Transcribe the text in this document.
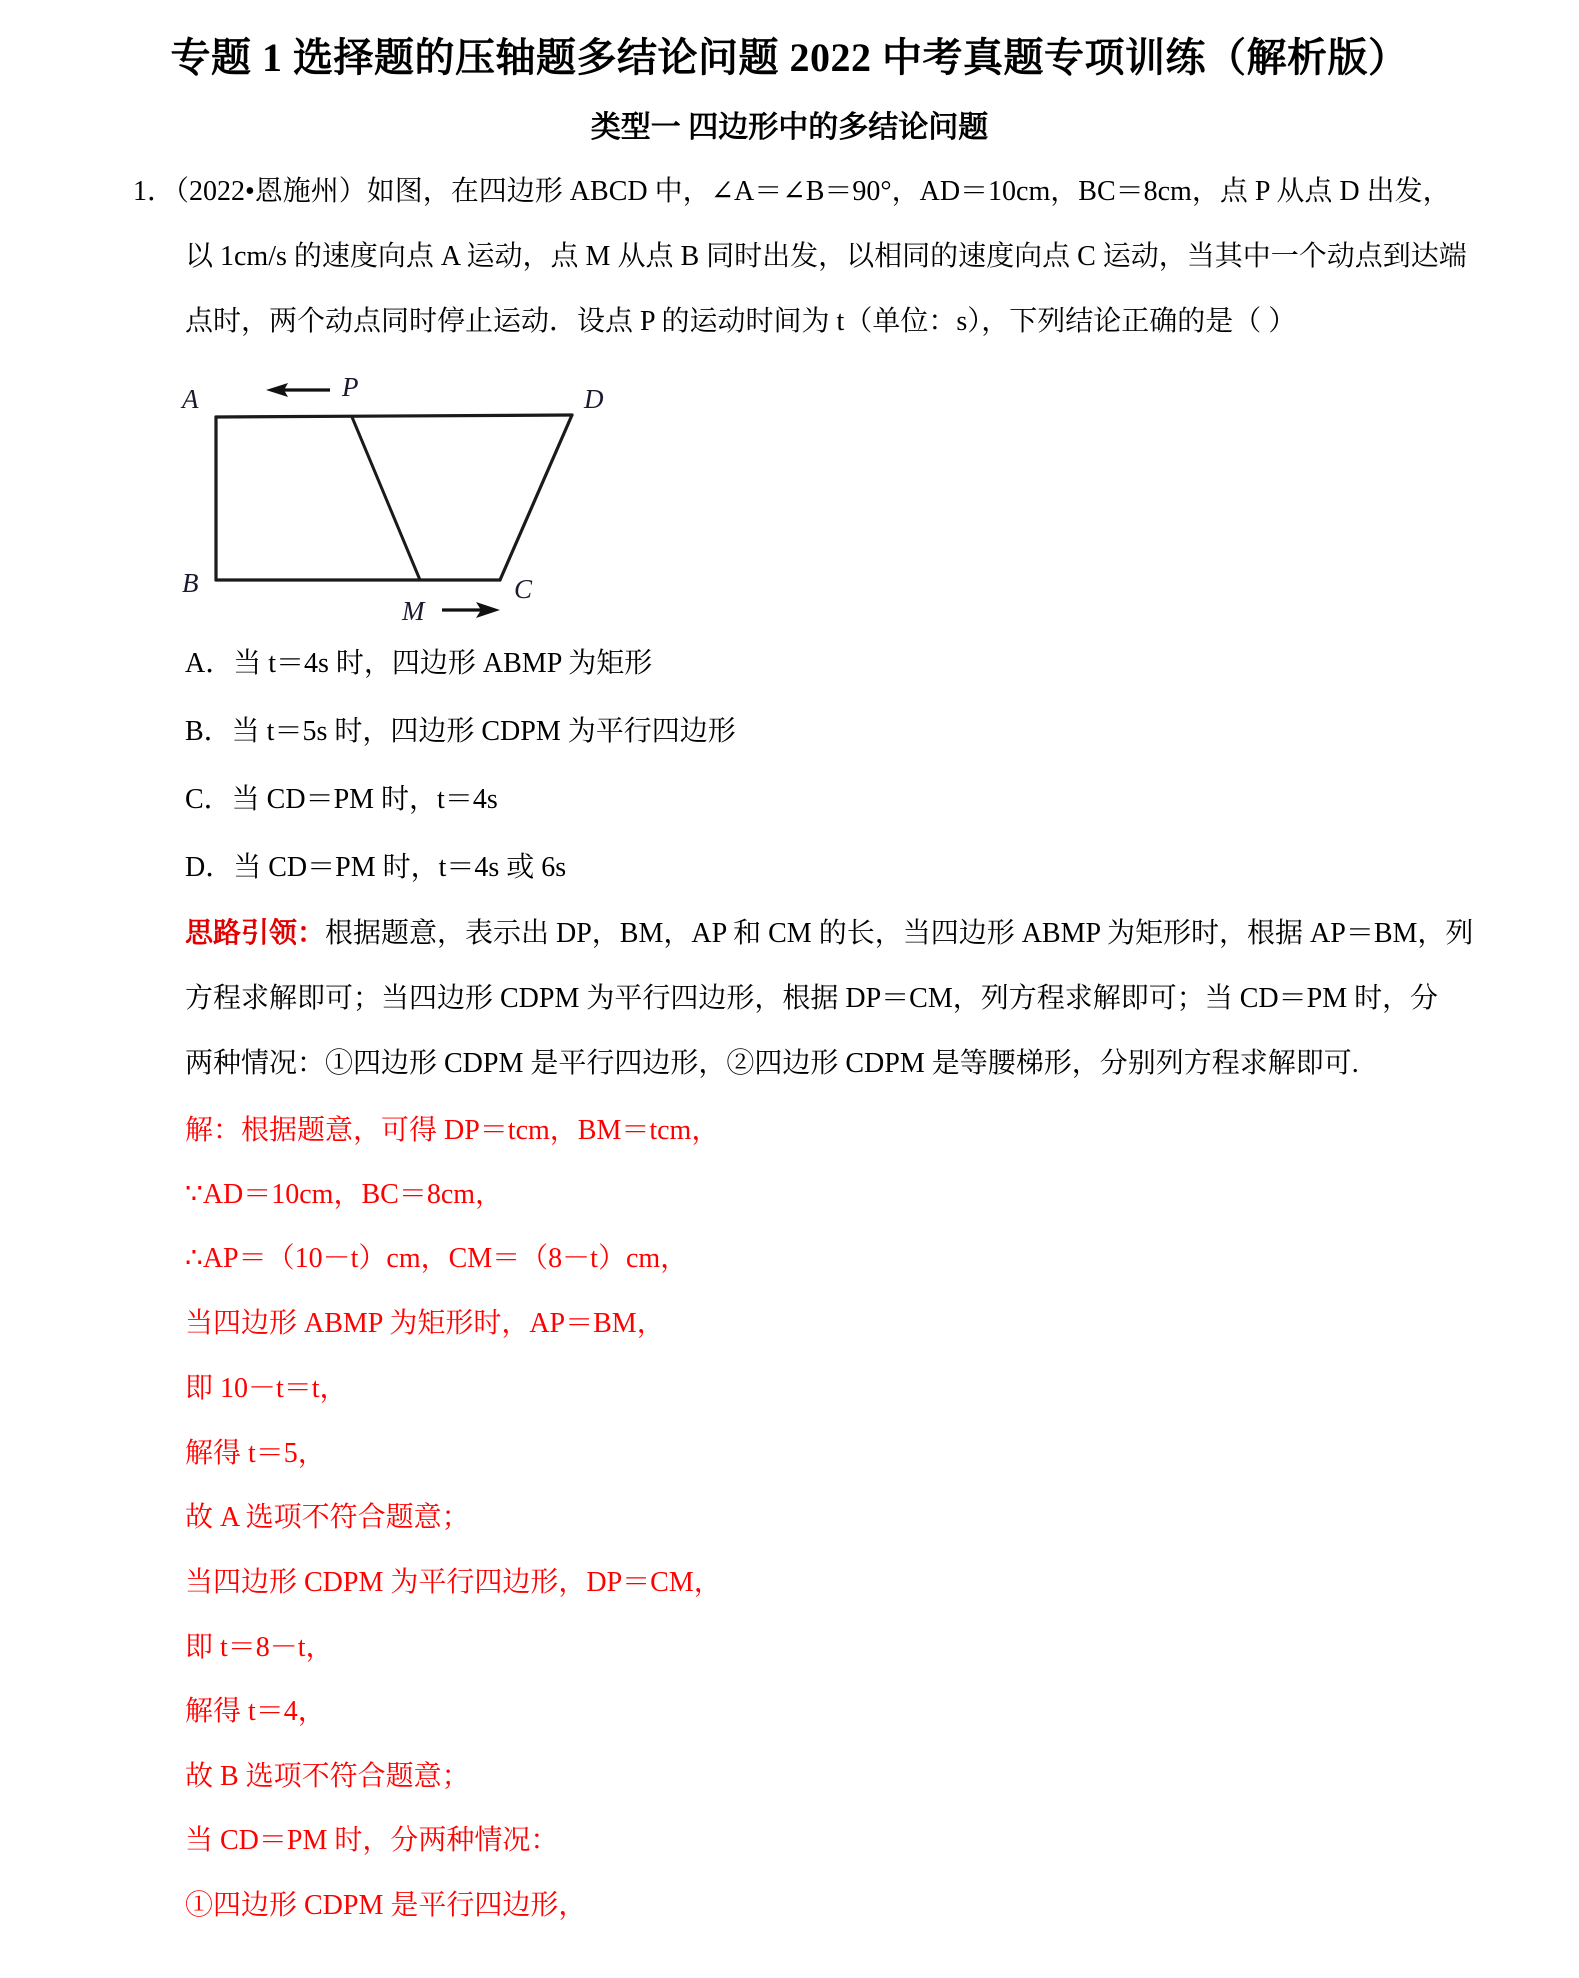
专题 1 选择题的压轴题多结论问题 2022 中考真题专项训练（解析版）
类型一 四边形中的多结论问题
1．（2022•恩施州）如图，在四边形 ABCD 中，∠A＝∠B＝90°，AD＝10cm，BC＝8cm，点 P 从点 D 出发，
以 1cm/s 的速度向点 A 运动，点 M 从点 B 同时出发，以相同的速度向点 C 运动，当其中一个动点到达端
点时，两个动点同时停止运动．设点 P 的运动时间为 t（单位：s），下列结论正确的是（ ）
A
B	C
D
P
M
A．当 t＝4s 时，四边形 ABMP 为矩形
B．当 t＝5s 时，四边形 CDPM 为平行四边形
C．当 CD＝PM 时，t＝4s
D．当 CD＝PM 时，t＝4s 或 6s
思路引领：根据题意，表示出 DP，BM，AP 和 CM 的长，当四边形 ABMP 为矩形时，根据 AP＝BM，列
方程求解即可；当四边形 CDPM 为平行四边形，根据 DP＝CM，列方程求解即可；当 CD＝PM 时，分
两种情况：①四边形 CDPM 是平行四边形，②四边形 CDPM 是等腰梯形，分别列方程求解即可.
解：根据题意，可得 DP＝tcm，BM＝tcm，
∵AD＝10cm，BC＝8cm，
∴AP＝（10－t）cm，CM＝（8－t）cm，
当四边形 ABMP 为矩形时，AP＝BM，
即 10－t＝t，
解得 t＝5，
故 A 选项不符合题意；
当四边形 CDPM 为平行四边形，DP＝CM，
即 t＝8－t，
解得 t＝4，
故 B 选项不符合题意；
当 CD＝PM 时，分两种情况：
①四边形 CDPM 是平行四边形，
